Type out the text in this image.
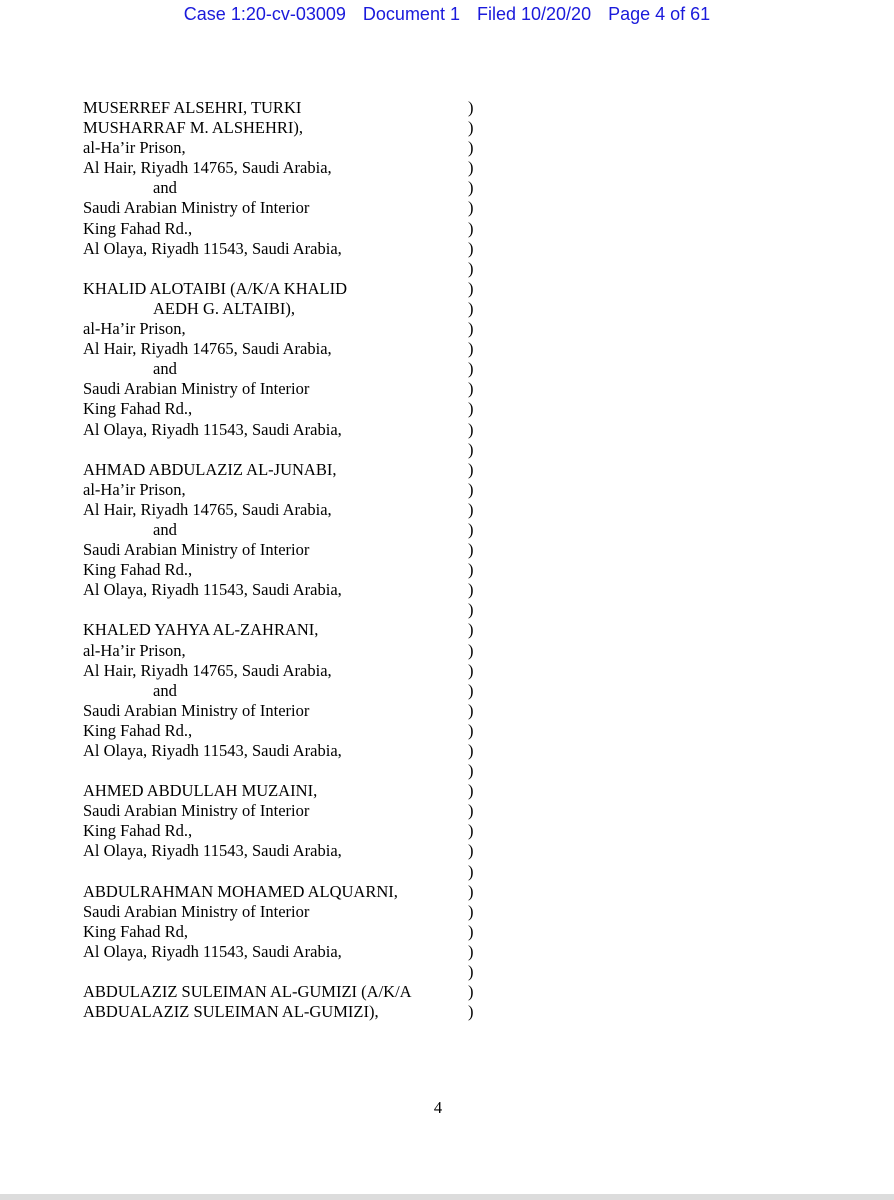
Case 1:20-cv-03009 Document 1 Filed 10/20/20 Page 4 of 61
MUSERREF ALSEHRI, TURKI	)
MUSHARRAF M. ALSHEHRI),	)
al-Ha’ir Prison,	)
Al Hair, Riyadh 14765, Saudi Arabia,	)
and	)
Saudi Arabian Ministry of Interior	)
King Fahad Rd.,	)
Al Olaya, Riyadh 11543, Saudi Arabia,	)
)
KHALID ALOTAIBI (A/K/A KHALID	)
AEDH G. ALTAIBI),	)
al-Ha’ir Prison,	)
Al Hair, Riyadh 14765, Saudi Arabia,	)
and	)
Saudi Arabian Ministry of Interior	)
King Fahad Rd.,	)
Al Olaya, Riyadh 11543, Saudi Arabia,	)
)
AHMAD ABDULAZIZ AL-JUNABI,	)
al-Ha’ir Prison,	)
Al Hair, Riyadh 14765, Saudi Arabia,	)
and	)
Saudi Arabian Ministry of Interior	)
King Fahad Rd.,	)
Al Olaya, Riyadh 11543, Saudi Arabia,	)
)
KHALED YAHYA AL-ZAHRANI,	)
al-Ha’ir Prison,	)
Al Hair, Riyadh 14765, Saudi Arabia,	)
and	)
Saudi Arabian Ministry of Interior	)
King Fahad Rd.,	)
Al Olaya, Riyadh 11543, Saudi Arabia,	)
)
AHMED ABDULLAH MUZAINI,	)
Saudi Arabian Ministry of Interior	)
King Fahad Rd.,	)
Al Olaya, Riyadh 11543, Saudi Arabia,	)
)
ABDULRAHMAN MOHAMED ALQUARNI,	)
Saudi Arabian Ministry of Interior	)
King Fahad Rd,	)
Al Olaya, Riyadh 11543, Saudi Arabia,	)
)
ABDULAZIZ SULEIMAN AL-GUMIZI (A/K/A	)
ABDUALAZIZ SULEIMAN AL-GUMIZI),	)
4
